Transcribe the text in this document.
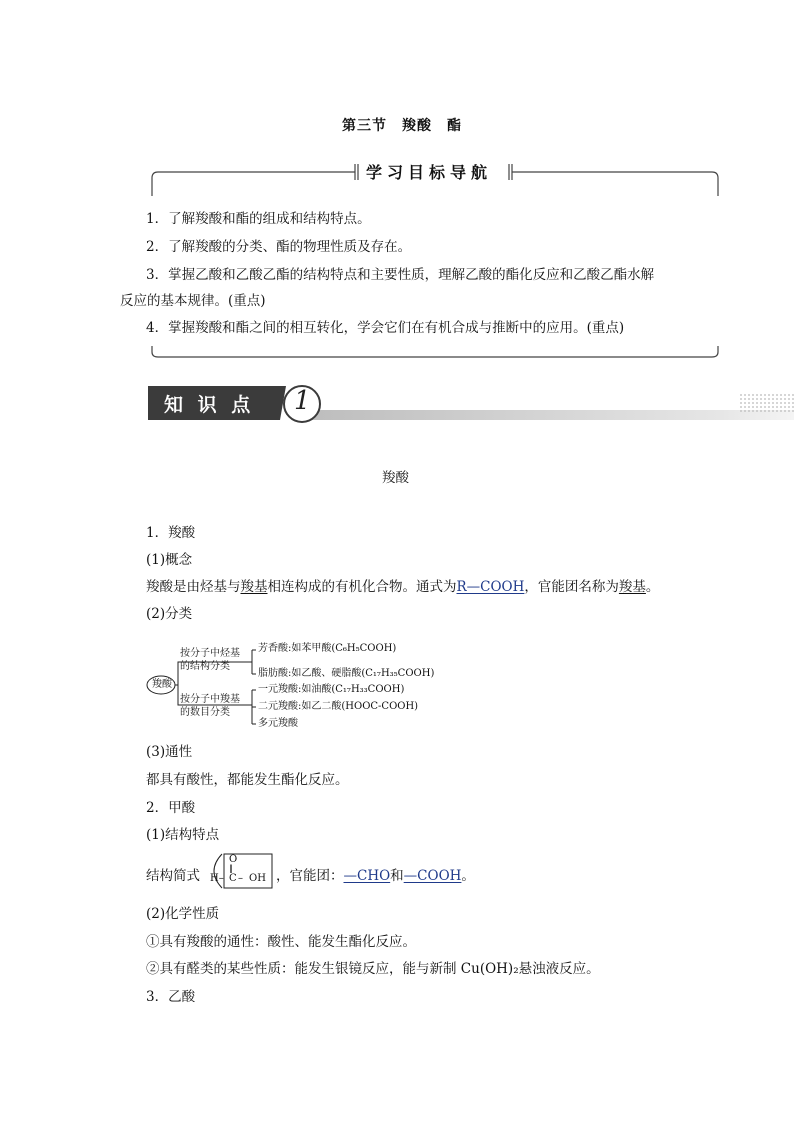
第三节　羧酸　酯
学习目标导航
1．了解羧酸和酯的组成和结构特点。
2．了解羧酸的分类、酯的物理性质及存在。
3．掌握乙酸和乙酸乙酯的结构特点和主要性质，理解乙酸的酯化反应和乙酸乙酯水解
反应的基本规律。(重点)
4．掌握羧酸和酯之间的相互转化，学会它们在有机合成与推断中的应用。(重点)
知 识 点 1
羧酸
1．羧酸
(1)概念
羧酸是由烃基与羧基相连构成的有机化合物。通式为R—COOH，官能团名称为羧基。
(2)分类
羧酸
按分子中烃基
的结构分类
按分子中羧基
的数目分类
芳香酸:如苯甲酸(C₆H₅COOH)
脂肪酸:如乙酸、硬脂酸(C₁₇H₃₅COOH)
一元羧酸:如油酸(C₁₇H₃₃COOH)
二元羧酸:如乙二酸(HOOC-COOH)
多元羧酸
(3)通性
都具有酸性，都能发生酯化反应。
2．甲酸
(1)结构特点
结构简式
O
‖
H– C – OH ，官能团：—CHO和—COOH。
(2)化学性质
①具有羧酸的通性：酸性、能发生酯化反应。
②具有醛类的某些性质：能发生银镜反应，能与新制 Cu(OH)₂悬浊液反应。
3．乙酸
